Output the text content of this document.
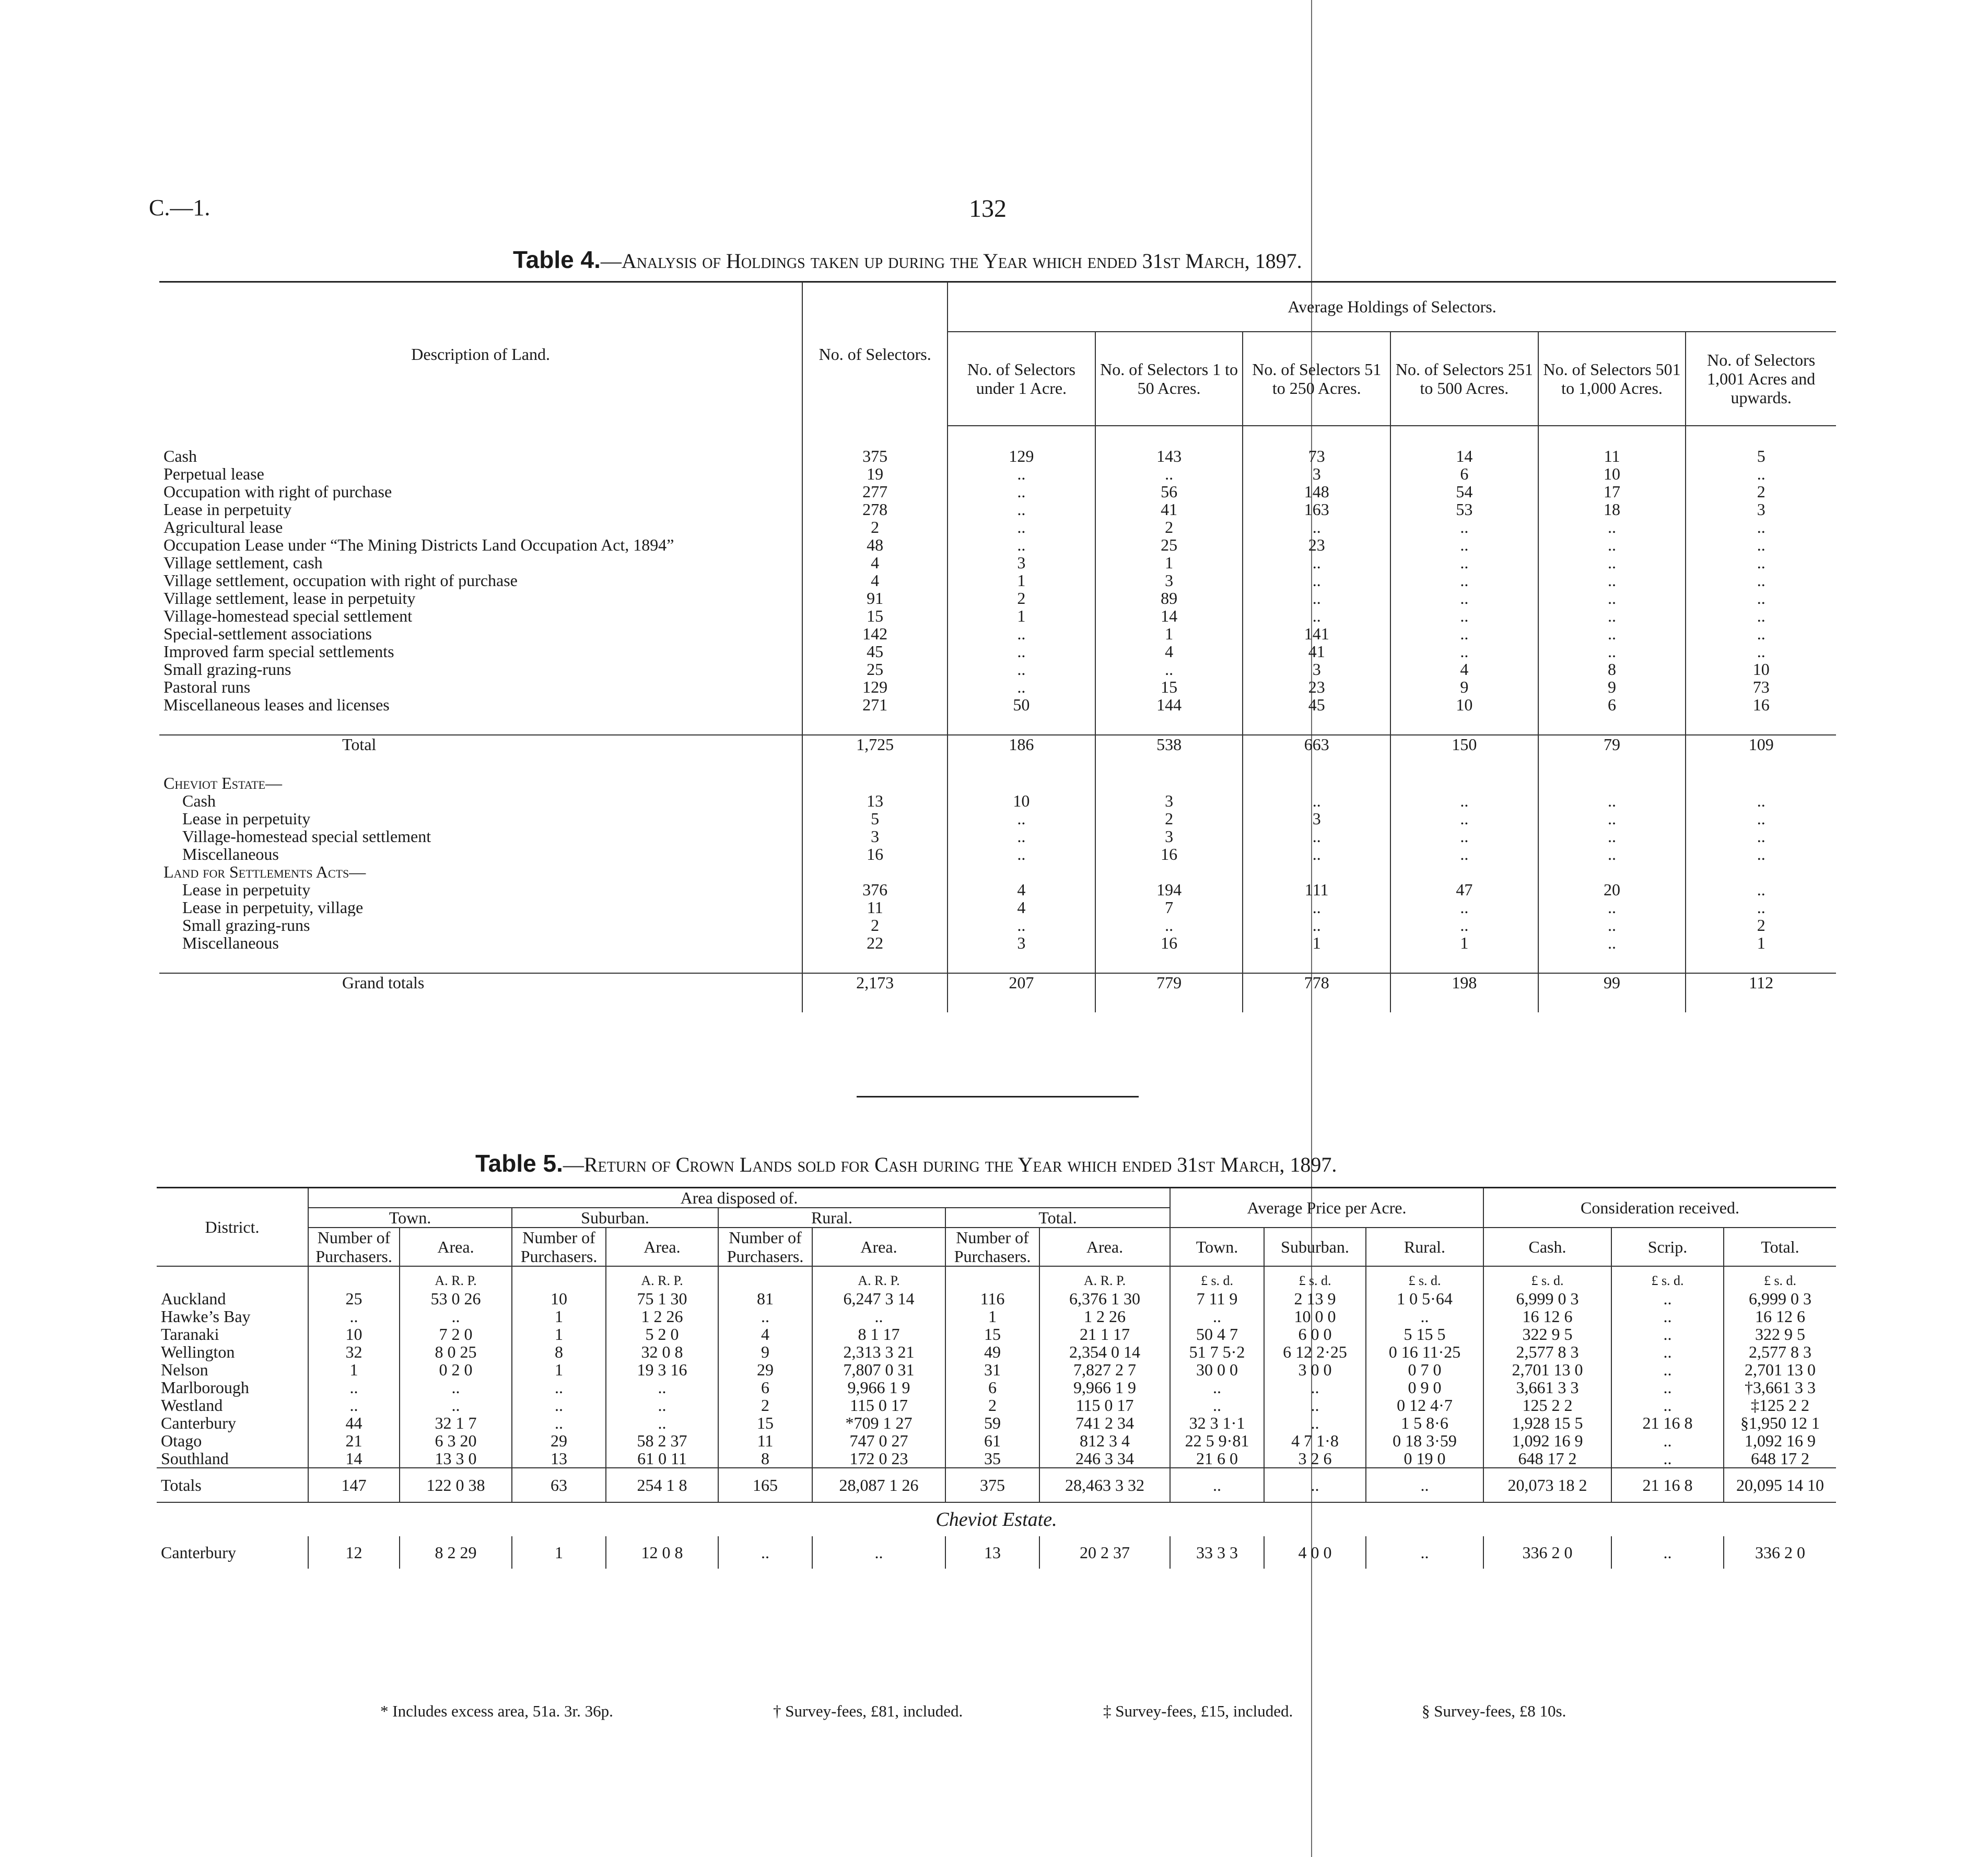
C.—1.	132
Table 4.—Analysis of Holdings taken up during the Year which ended 31st March, 1897.
Description of Land.	No. of Selectors.	Average Holdings of Selectors.					
		No. of Selectors under 1 Acre.	No. of Selectors 1 to 50 Acres.	No. of Selectors 51 to 250 Acres.	No. of Selectors 251 to 500 Acres.	No. of Selectors 501 to 1,000 Acres.	No. of Selectors 1,001 Acres and upwards.

Cash	375	129	143	73	14	11	5
Perpetual lease	19	..	..	3	6	10	..
Occupation with right of purchase	277	..	56	148	54	17	2
Lease in perpetuity	278	..	41	163	53	18	3
Agricultural lease	2	..	2	..	..	..	..
Occupation Lease under “The Mining Districts Land Occupation Act, 1894”	48	..	25	23	..	..	..
Village settlement, cash	4	3	1	..	..	..	..
Village settlement, occupation with right of purchase	4	1	3	..	..	..	..
Village settlement, lease in perpetuity	91	2	89	..	..	..	..
Village-homestead special settlement	15	1	14	..	..	..	..
Special-settlement associations	142	..	1	141	..	..	..
Improved farm special settlements	45	..	4	41	..	..	..
Small grazing-runs	25	..	..	3	4	8	10
Pastoral runs	129	..	15	23	9	9	73
Miscellaneous leases and licenses	271	50	144	45	10	6	16

Total	1,725	186	538	663	150	79	109

Cheviot Estate—							
Cash	13	10	3	..	..	..	..
Lease in perpetuity	5	..	2	3	..	..	..
Village-homestead special settlement	3	..	3	..	..	..	..
Miscellaneous	16	..	16	..	..	..	..
Land for Settlements Acts—							
Lease in perpetuity	376	4	194	111	47	20	..
Lease in perpetuity, village	11	4	7	..	..	..	..
Small grazing-runs	2	..	..	..	..	..	2
Miscellaneous	22	3	16	1	1	..	1

Grand totals	2,173	207	779	778	198	99	112

Table 5.—Return of Crown Lands sold for Cash during the Year which ended 31st March, 1897.
District.	Area disposed of.								Average Price per Acre.			Consideration received.		
	Town.		Suburban.		Rural.		Total.							
	Number of Purchasers.	Area.	Number of Purchasers.	Area.	Number of Purchasers.	Area.	Number of Purchasers.	Area.	Town.	Suburban.	Rural.	Cash.	Scrip.	Total.
		A. R. P.		A. R. P.		A. R. P.		A. R. P.	£ s. d.	£ s. d.	£ s. d.	£ s. d.	£ s. d.	£ s. d.
Auckland	25	53 0 26	10	75 1 30	81	6,247 3 14	116	6,376 1 30	7 11 9	2 13 9	1 0 5·64	6,999 0 3	..	6,999 0 3
Hawke’s Bay	..	..	1	1 2 26	..	..	1	1 2 26	..	10 0 0	..	16 12 6	..	16 12 6
Taranaki	10	7 2 0	1	5 2 0	4	8 1 17	15	21 1 17	50 4 7	6 0 0	5 15 5	322 9 5	..	322 9 5
Wellington	32	8 0 25	8	32 0 8	9	2,313 3 21	49	2,354 0 14	51 7 5·2	6 12 2·25	0 16 11·25	2,577 8 3	..	2,577 8 3
Nelson	1	0 2 0	1	19 3 16	29	7,807 0 31	31	7,827 2 7	30 0 0	3 0 0	0 7 0	2,701 13 0	..	2,701 13 0
Marlborough	..	..	..	..	6	9,966 1 9	6	9,966 1 9	..	..	0 9 0	3,661 3 3	..	†3,661 3 3
Westland	..	..	..	..	2	115 0 17	2	115 0 17	..	..	0 12 4·7	125 2 2	..	‡125 2 2
Canterbury	44	32 1 7	..	..	15	*709 1 27	59	741 2 34	32 3 1·1	..	1 5 8·6	1,928 15 5	21 16 8	§1,950 12 1
Otago	21	6 3 20	29	58 2 37	11	747 0 27	61	812 3 4	22 5 9·81	4 7 1·8	0 18 3·59	1,092 16 9	..	1,092 16 9
Southland	14	13 3 0	13	61 0 11	8	172 0 23	35	246 3 34	21 6 0	3 2 6	0 19 0	648 17 2	..	648 17 2
Totals	147	122 0 38	63	254 1 8	165	28,087 1 26	375	28,463 3 32	..	..	..	20,073 18 2	21 16 8	20,095 14 10
Cheviot Estate.														
Canterbury	12	8 2 29	1	12 0 8	..	..	13	20 2 37	33 3 3	4 0 0	..	336 2 0	..	336 2 0
* Includes excess area, 51a. 3r. 36p.	† Survey-fees, £81, included.	‡ Survey-fees, £15, included.	§ Survey-fees, £8 10s.
